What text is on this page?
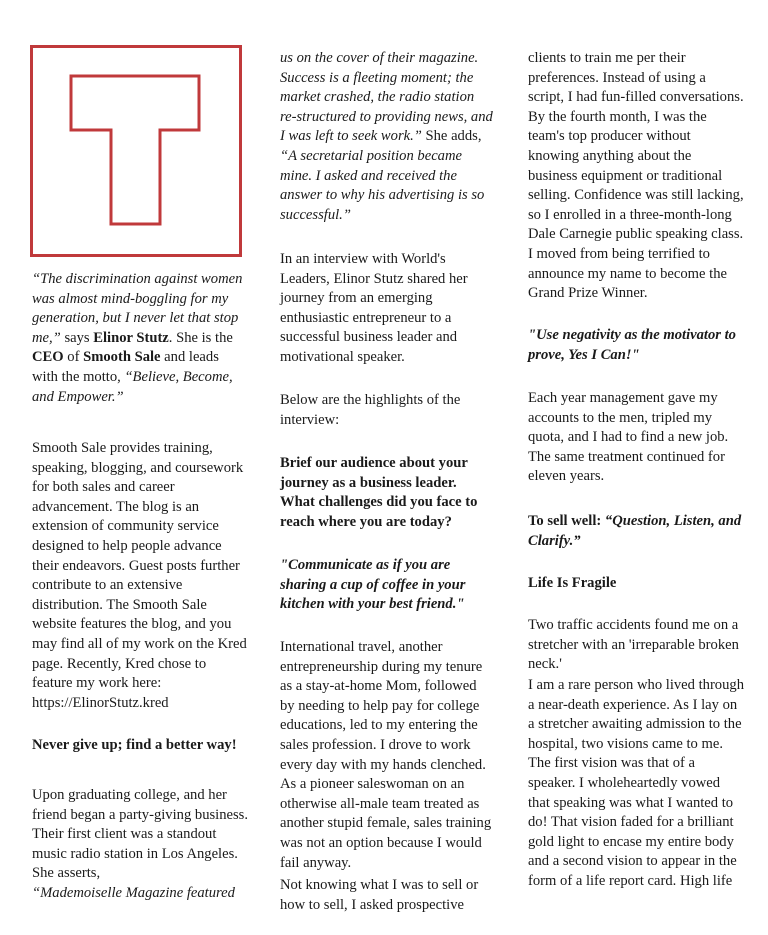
“The discrimination against women was almost mind-boggling for my generation, but I never let that stop me,” says Elinor Stutz. She is the CEO of Smooth Sale and leads with the motto, “Believe, Become, and Empower.”

Smooth Sale provides training, speaking, blogging, and coursework for both sales and career advancement. The blog is an extension of community service designed to help people advance their endeavors. Guest posts further contribute to an extensive distribution. The Smooth Sale website features the blog, and you may find all of my work on the Kred page. Recently, Kred chose to feature my work here: https://ElinorStutz.kred

Never give up; find a better way!

Upon graduating college, and her friend began a party-giving business. Their first client was a standout music radio station in Los Angeles. She asserts,
“Mademoiselle Magazine featured

us on the cover of their magazine. Success is a fleeting moment; the market crashed, the radio station re-structured to providing news, and I was left to seek work.” She adds, “A secretarial position became mine. I asked and received the answer to why his advertising is so successful.”

In an interview with World's Leaders, Elinor Stutz shared her journey from an emerging enthusiastic entrepreneur to a successful business leader and motivational speaker.

Below are the highlights of the interview:

Brief our audience about your journey as a business leader. What challenges did you face to reach where you are today?

"Communicate as if you are sharing a cup of coffee in your kitchen with your best friend."

International travel, another entrepreneurship during my tenure as a stay-at-home Mom, followed by needing to help pay for college educations, led to my entering the sales profession. I drove to work every day with my hands clenched. As a pioneer saleswoman on an otherwise all-male team treated as another stupid female, sales training was not an option because I would fail anyway.

Not knowing what I was to sell or how to sell, I asked prospective

clients to train me per their preferences. Instead of using a script, I had fun-filled conversations. By the fourth month, I was the team's top producer without knowing anything about the business equipment or traditional selling. Confidence was still lacking, so I enrolled in a three-month-long Dale Carnegie public speaking class. I moved from being terrified to announce my name to become the Grand Prize Winner.

"Use negativity as the motivator to prove, Yes I Can!"

Each year management gave my accounts to the men, tripled my quota, and I had to find a new job. The same treatment continued for eleven years.

To sell well: “Question, Listen, and Clarify.”

Life Is Fragile

Two traffic accidents found me on a stretcher with an 'irreparable broken neck.'

I am a rare person who lived through a near-death experience. As I lay on a stretcher awaiting admission to the hospital, two visions came to me. The first vision was that of a speaker. I wholeheartedly vowed that speaking was what I wanted to do! That vision faded for a brilliant gold light to encase my entire body and a second vision to appear in the form of a life report card. High life
